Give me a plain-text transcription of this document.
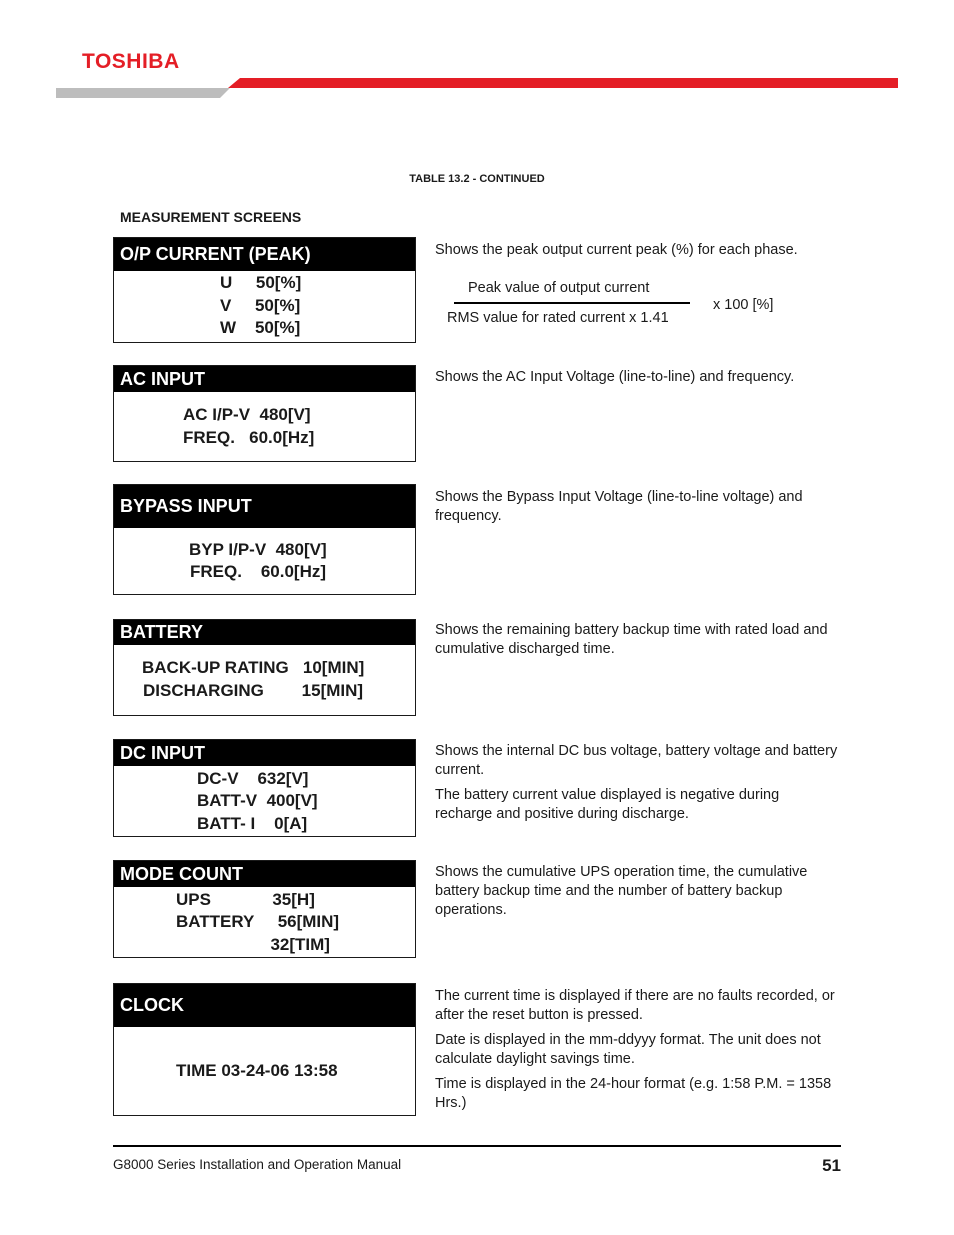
TOSHIBA
TABLE 13.2 - CONTINUED
MEASUREMENT SCREENS
O/P CURRENT (PEAK)
U     50[%]
V     50[%]
W    50[%]

Shows the peak output current peak (%) for each phase.

Peak value of output current
RMS value for rated current x 1.41
x 100 [%]
AC INPUT
AC I/P-V  480[V]
FREQ.   60.0[Hz]

Shows the AC Input Voltage (line-to-line) and frequency.

BYPASS INPUT
BYP I/P-V  480[V]
FREQ.    60.0[Hz]

Shows the Bypass Input Voltage (line-to-line voltage) and frequency.

BATTERY
BACK-UP RATING   10[MIN]
DISCHARGING        15[MIN]

Shows the remaining battery backup time with rated load and cumulative discharged time.

DC INPUT
DC-V    632[V]
BATT-V  400[V]
BATT- I    0[A]

Shows the internal DC bus voltage, battery voltage and battery current.

The battery current value displayed is negative during recharge and positive during discharge.

MODE COUNT
UPS             35[H]
BATTERY     56[MIN]
32[TIM]

Shows the cumulative UPS operation time, the cumulative battery backup time and the number of battery backup operations.

CLOCK
TIME 03-24-06 13:58

The current time is displayed if there are no faults recorded, or after the reset button is pressed.

Date is displayed in the mm-ddyyy format. The unit does not calculate daylight savings time.

Time is displayed in the 24-hour format (e.g. 1:58 P.M. = 1358 Hrs.)

G8000 Series Installation and Operation Manual	51
